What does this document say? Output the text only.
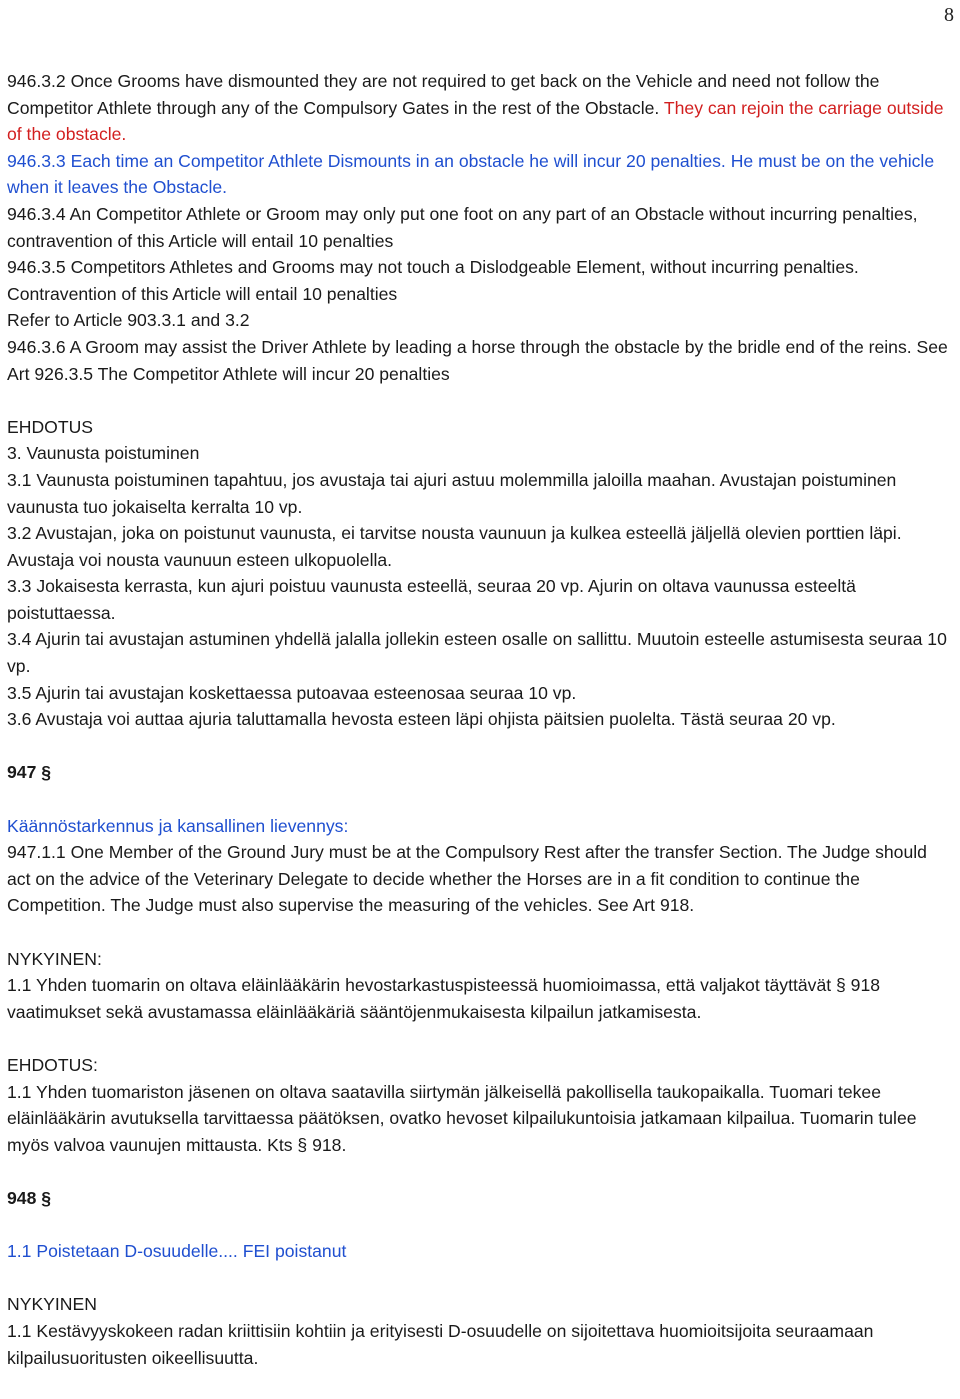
8

946.3.2 Once Grooms have dismounted they are not required to get back on the Vehicle and need not follow the Competitor Athlete through any of the Compulsory Gates in the rest of the Obstacle. They can rejoin the carriage outside of the obstacle.

946.3.3 Each time an Competitor Athlete Dismounts in an obstacle he will incur 20 penalties. He must be on the vehicle when it leaves the Obstacle.

946.3.4 An Competitor Athlete or Groom may only put one foot on any part of an Obstacle without incurring penalties, contravention of this Article will entail 10 penalties

946.3.5 Competitors Athletes and Grooms may not touch a Dislodgeable Element, without incurring penalties. Contravention of this Article will entail 10 penalties

Refer to Article 903.3.1 and 3.2

946.3.6 A Groom may assist the Driver Athlete by leading a horse through the obstacle by the bridle end of the reins. See Art 926.3.5 The Competitor Athlete will incur 20 penalties

EHDOTUS

3. Vaunusta poistuminen

3.1 Vaunusta poistuminen tapahtuu, jos avustaja tai ajuri astuu molemmilla jaloilla maahan. Avustajan poistuminen vaunusta tuo jokaiselta kerralta 10 vp.

3.2 Avustajan, joka on poistunut vaunusta, ei tarvitse nousta vaunuun ja kulkea esteellä jäljellä olevien porttien läpi. Avustaja voi nousta vaunuun esteen ulkopuolella.

3.3 Jokaisesta kerrasta, kun ajuri poistuu vaunusta esteellä, seuraa 20 vp. Ajurin on oltava vaunussa esteeltä poistuttaessa.

3.4 Ajurin tai avustajan astuminen yhdellä jalalla jollekin esteen osalle on sallittu. Muutoin esteelle astumisesta seuraa 10 vp.

3.5 Ajurin tai avustajan koskettaessa putoavaa esteenosaa seuraa 10 vp.

3.6 Avustaja voi auttaa ajuria taluttamalla hevosta esteen läpi ohjista päitsien puolelta. Tästä seuraa 20 vp.

947 §

Käännöstarkennus ja kansallinen lievennys:

947.1.1 One Member of the Ground Jury must be at the Compulsory Rest after the transfer Section. The Judge should act on the advice of the Veterinary Delegate to decide whether the Horses are in a fit condition to continue the Competition. The Judge must also supervise the measuring of the vehicles. See Art 918.

NYKYINEN:

1.1 Yhden tuomarin on oltava eläinlääkärin hevostarkastuspisteessä huomioimassa, että valjakot täyttävät § 918 vaatimukset sekä avustamassa eläinlääkäriä sääntöjenmukaisesta kilpailun jatkamisesta.

EHDOTUS:

1.1 Yhden tuomariston jäsenen on oltava saatavilla siirtymän jälkeisellä pakollisella taukopaikalla. Tuomari tekee eläinlääkärin avutuksella tarvittaessa päätöksen, ovatko hevoset kilpailukuntoisia jatkamaan kilpailua. Tuomarin tulee myös valvoa vaunujen mittausta. Kts § 918.

948 §

1.1 Poistetaan D-osuudelle.... FEI poistanut

NYKYINEN

1.1 Kestävyyskokeen radan kriittisiin kohtiin ja erityisesti D-osuudelle on sijoitettava huomioitsijoita seuraamaan kilpailusuoritusten oikeellisuutta.
